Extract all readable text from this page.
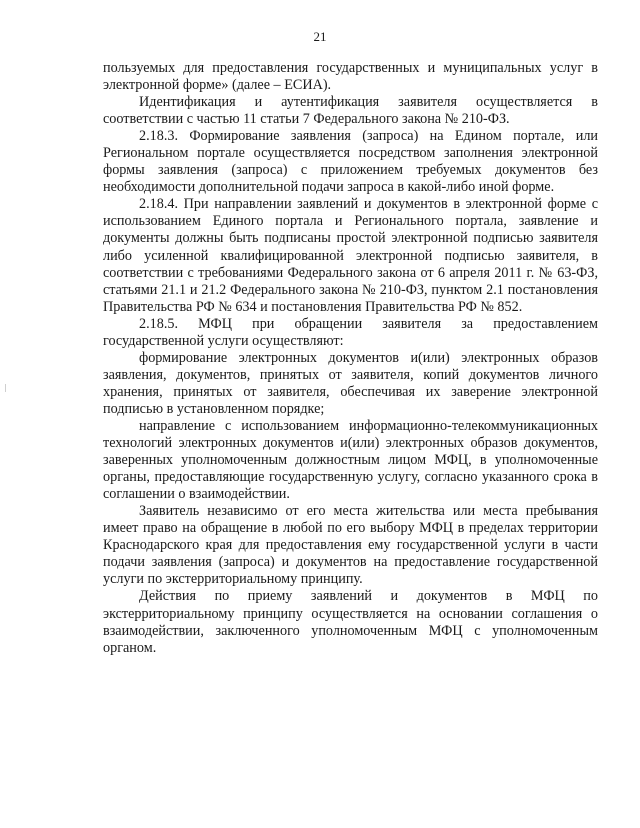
21

пользуемых для предоставления государственных и муниципальных услуг в электронной форме» (далее – ЕСИА).

Идентификация и аутентификация заявителя осуществляется в соответствии с частью 11 статьи 7 Федерального закона № 210-ФЗ.

2.18.3. Формирование заявления (запроса) на Едином портале, или Региональном портале осуществляется посредством заполнения электронной формы заявления (запроса) с приложением требуемых документов без необходимости дополнительной подачи запроса в какой-либо иной форме.

2.18.4. При направлении заявлений и документов в электронной форме с использованием Единого портала и Регионального портала, заявление и документы должны быть подписаны простой электронной подписью заявителя либо усиленной квалифицированной электронной подписью заявителя, в соответствии с требованиями Федерального закона от 6 апреля 2011 г. № 63-ФЗ, статьями 21.1 и 21.2 Федерального закона № 210-ФЗ, пунктом 2.1 постановления Правительства РФ № 634 и постановления Правительства РФ № 852.

2.18.5. МФЦ при обращении заявителя за предоставлением государственной услуги осуществляют:

формирование электронных документов и(или) электронных образов заявления, документов, принятых от заявителя, копий документов личного хранения, принятых от заявителя, обеспечивая их заверение электронной подписью в установленном порядке;

направление с использованием информационно-телекоммуникационных технологий электронных документов и(или) электронных образов документов, заверенных уполномоченным должностным лицом МФЦ, в уполномоченные органы, предоставляющие государственную услугу, согласно указанного срока в соглашении о взаимодействии.

Заявитель независимо от его места жительства или места пребывания имеет право на обращение в любой по его выбору МФЦ в пределах территории Краснодарского края для предоставления ему государственной услуги в части подачи заявления (запроса) и документов на предоставление государственной услуги по экстерриториальному принципу.

Действия по приему заявлений и документов в МФЦ по экстерриториальному принципу осуществляется на основании соглашения о взаимодействии, заключенного уполномоченным МФЦ с уполномоченным органом.
